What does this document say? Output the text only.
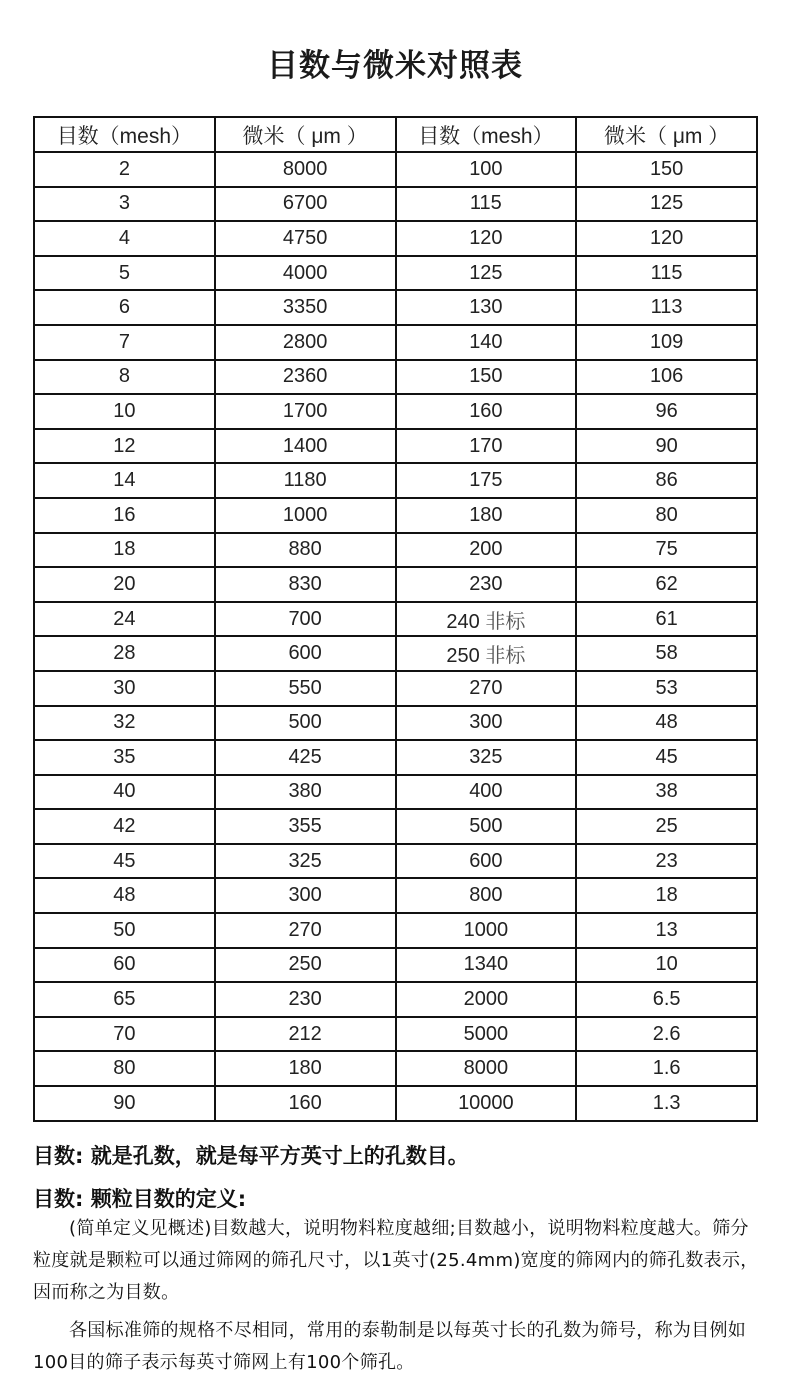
目数与微米对照表
目数（mesh）	微米（ μm ）	目数（mesh）	微米（ μm ）
2	8000	100	150
3	6700	115	125
4	4750	120	120
5	4000	125	115
6	3350	130	113
7	2800	140	109
8	2360	150	106
10	1700	160	96
12	1400	170	90
14	1180	175	86
16	1000	180	80
18	880	200	75
20	830	230	62
24	700	240 非标	61
28	600	250 非标	58
30	550	270	53
32	500	300	48
35	425	325	45
40	380	400	38
42	355	500	25
45	325	600	23
48	300	800	18
50	270	1000	13
60	250	1340	10
65	230	2000	6.5
70	212	5000	2.6
80	180	8000	1.6
90	160	10000	1.3
目数: 就是孔数，就是每平方英寸上的孔数目。
目数: 颗粒目数的定义:
(简单定义见概述)目数越大，说明物料粒度越细;目数越小，说明物料粒度越大。筛分粒度就是颗粒可以通过筛网的筛孔尺寸，以1英寸(25.4mm)宽度的筛网内的筛孔数表示，因而称之为目数。
各国标准筛的规格不尽相同，常用的泰勒制是以每英寸长的孔数为筛号，称为目例如100目的筛子表示每英寸筛网上有100个筛孔。
